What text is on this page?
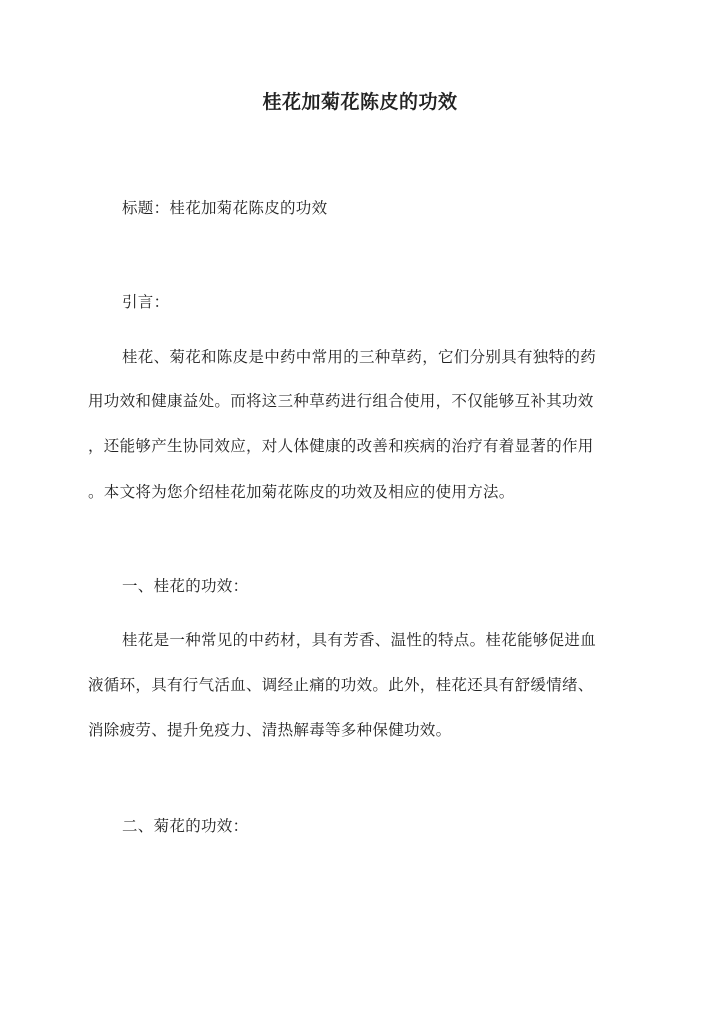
桂花加菊花陈皮的功效
标题：桂花加菊花陈皮的功效
引言：
桂花、菊花和陈皮是中药中常用的三种草药，它们分别具有独特的药
用功效和健康益处。而将这三种草药进行组合使用，不仅能够互补其功效
，还能够产生协同效应，对人体健康的改善和疾病的治疗有着显著的作用
。本文将为您介绍桂花加菊花陈皮的功效及相应的使用方法。
一、桂花的功效：
桂花是一种常见的中药材，具有芳香、温性的特点。桂花能够促进血
液循环，具有行气活血、调经止痛的功效。此外，桂花还具有舒缓情绪、
消除疲劳、提升免疫力、清热解毒等多种保健功效。
二、菊花的功效：
